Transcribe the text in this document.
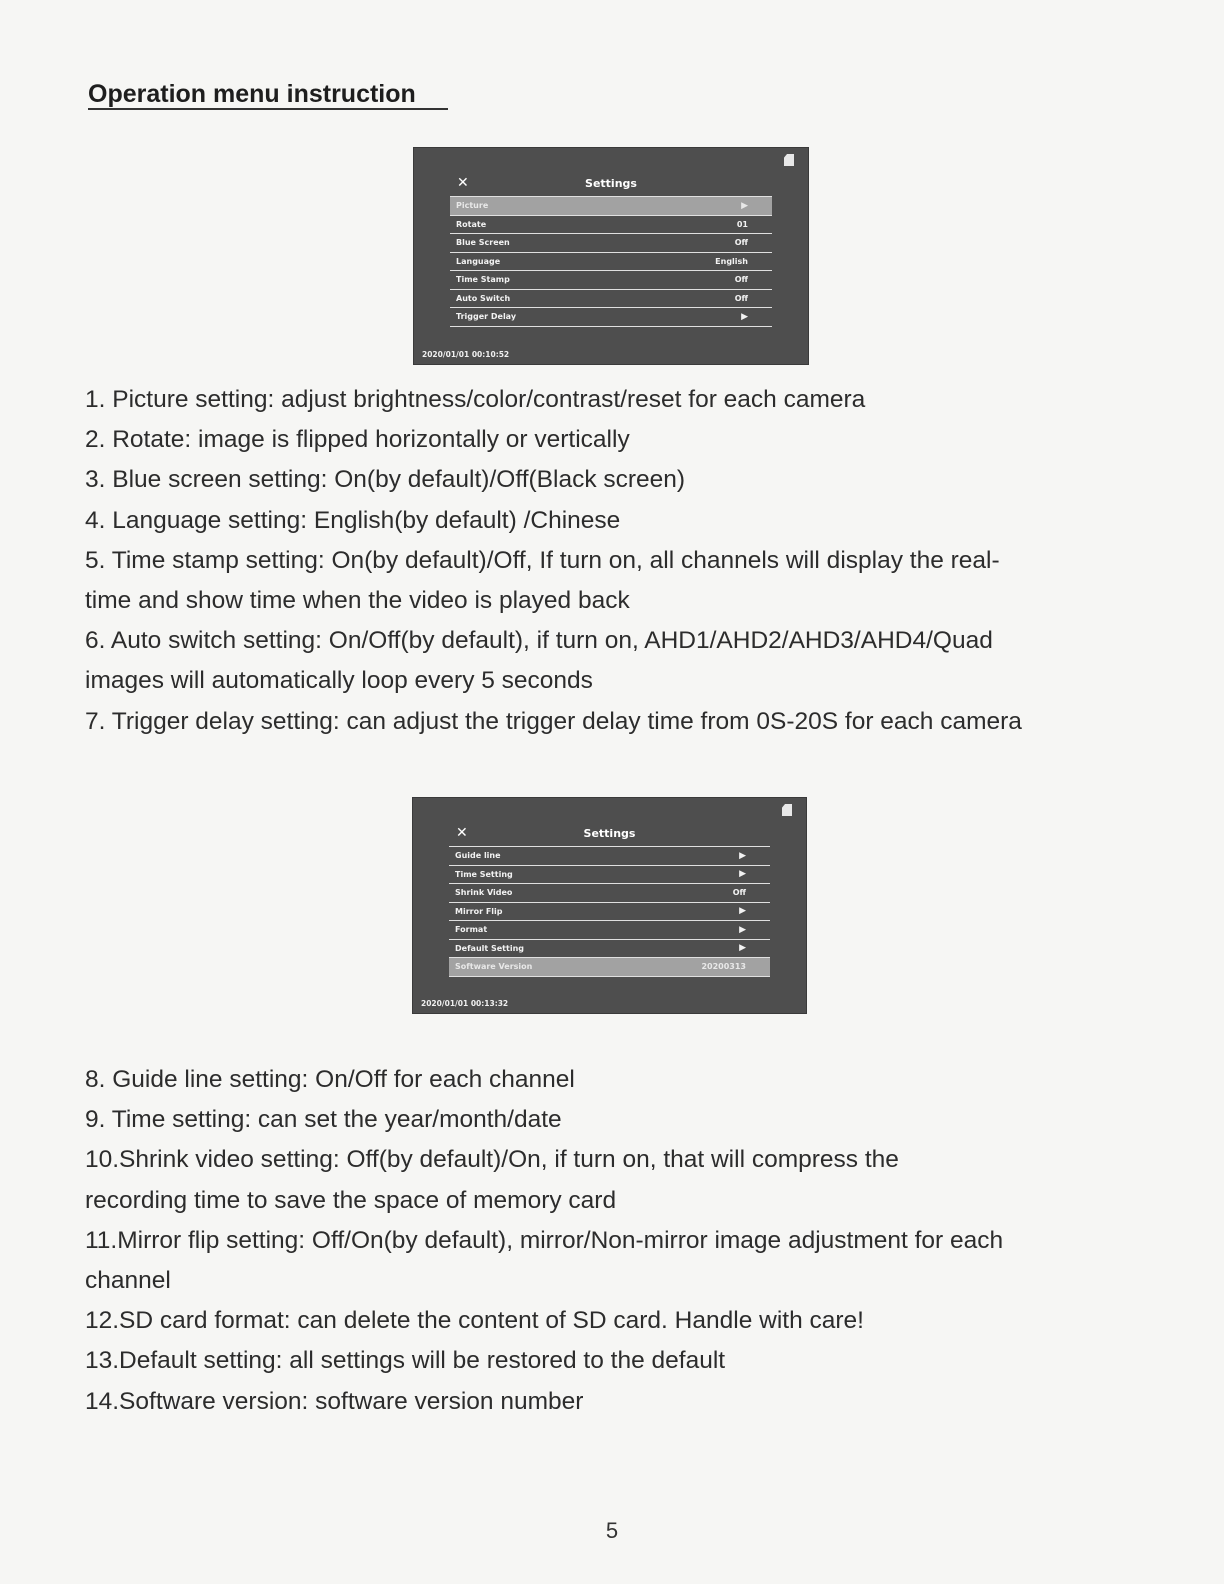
Operation menu instruction
✕	Settings
Picture	▶
Rotate	01
Blue Screen	Off
Language	English
Time Stamp	Off
Auto Switch	Off
Trigger Delay	▶
2020/01/01 00:10:52

1. Picture setting: adjust brightness/color/contrast/reset for each camera

2. Rotate: image is flipped horizontally or vertically

3. Blue screen setting: On(by default)/Off(Black screen)

4. Language setting: English(by default) /Chinese

5. Time stamp setting: On(by default)/Off, If turn on, all channels will display the real-time and show time when the video is played back

6. Auto switch setting: On/Off(by default), if turn on, AHD1/AHD2/AHD3/AHD4/Quad images will automatically loop every 5 seconds

7. Trigger delay setting: can adjust the trigger delay time from 0S-20S for each camera

✕	Settings
Guide line	▶
Time Setting	▶
Shrink Video	Off
Mirror Flip	▶
Format	▶
Default Setting	▶
Software Version	20200313
2020/01/01 00:13:32

8. Guide line setting: On/Off for each channel

9. Time setting: can set the year/month/date

10.Shrink video setting: Off(by default)/On, if turn on, that will compress the recording time to save the space of memory card

11.Mirror flip setting: Off/On(by default), mirror/Non-mirror image adjustment for each channel

12.SD card format: can delete the content of SD card. Handle with care!

13.Default setting: all settings will be restored to the default

14.Software version: software version number

5
